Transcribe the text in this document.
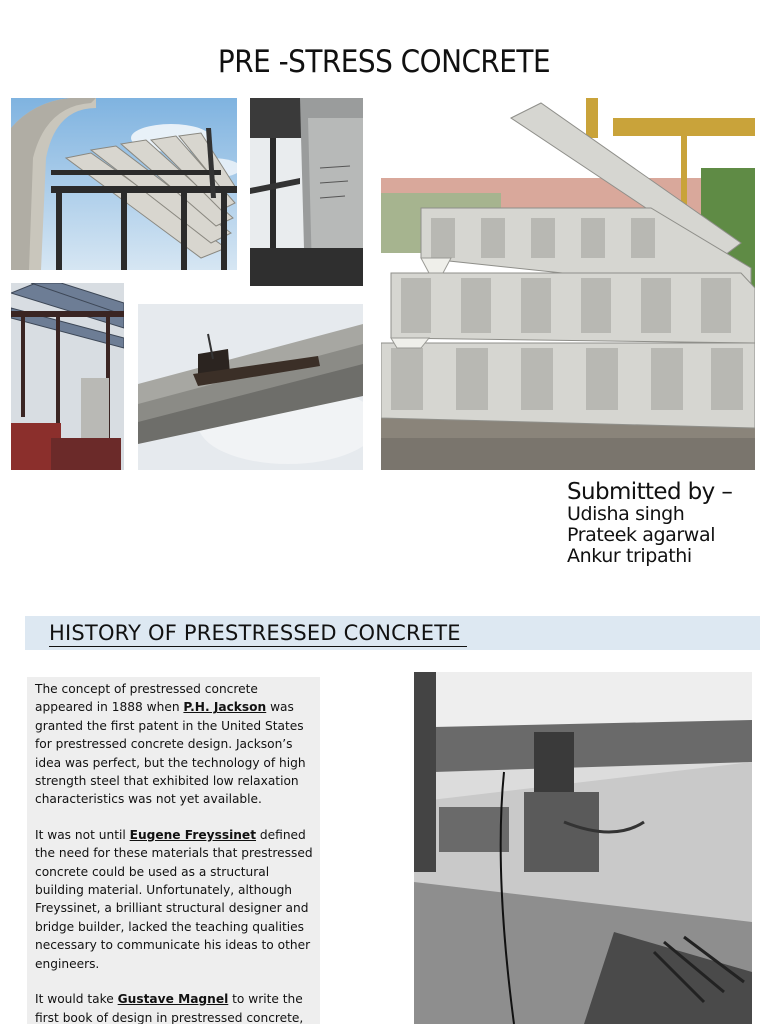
PRE -STRESS CONCRETE
Submitted by –
Udisha singh
Prateek agarwal
Ankur tripathi
HISTORY OF PRESTRESSED CONCRETE

The concept of prestressed concrete appeared in 1888 when P.H. Jackson was granted the first patent in the United States for prestressed concrete design. Jackson’s idea was perfect, but the technology of high strength steel that exhibited low relaxation characteristics was not yet available.

It was not until Eugene Freyssinet defined the need for these materials that prestressed concrete could be used as a structural building material. Unfortunately, although Freyssinet, a brilliant structural designer and bridge builder, lacked the teaching qualities necessary to communicate his ideas to other engineers.

It would take Gustave Magnel to write the first book of design in prestressed concrete,
